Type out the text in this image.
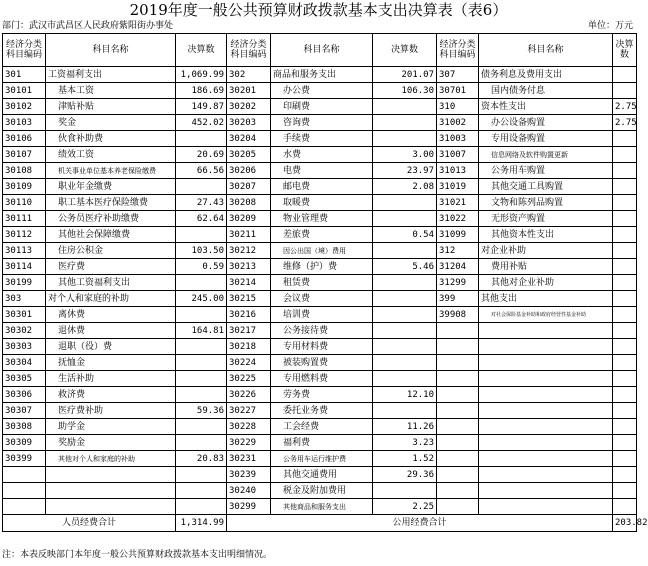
2019年度一般公共预算财政拨款基本支出决算表（表6）
部门：武汉市武昌区人民政府紫阳街办事处	单位：万元
经济分类科目编码	科目名称	决算数	经济分类科目编码	科目名称	决算数	经济分类科目编码	科目名称	决算数
301	工资福利支出	1,069.99	302	商品和服务支出	201.07	307	债务利息及费用支出	
30101	基本工资	186.69	30201	办公费	106.30	30701	国内债务付息	
30102	津贴补贴	149.87	30202	印刷费		310	资本性支出	2.75
30103	奖金	452.02	30203	咨询费		31002	办公设备购置	2.75
30106	伙食补助费		30204	手续费		31003	专用设备购置	
30107	绩效工资	20.69	30205	水费	3.00	31007	信息网络及软件购置更新	
30108	机关事业单位基本养老保险缴费	66.56	30206	电费	23.97	31013	公务用车购置	
30109	职业年金缴费		30207	邮电费	2.08	31019	其他交通工具购置	
30110	职工基本医疗保险缴费	27.43	30208	取暖费		31021	文物和陈列品购置	
30111	公务员医疗补助缴费	62.64	30209	物业管理费		31022	无形资产购置	
30112	其他社会保障缴费		30211	差旅费	0.54	31099	其他资本性支出	
30113	住房公积金	103.50	30212	因公出国（境）费用		312	对企业补助	
30114	医疗费	0.59	30213	维修（护）费	5.46	31204	费用补贴	
30199	其他工资福利支出		30214	租赁费		31299	其他对企业补助	
303	对个人和家庭的补助	245.00	30215	会议费		399	其他支出	
30301	离休费		30216	培训费		39908	对社会保险基金补助和政府经营性基金补助	
30302	退休费	164.81	30217	公务接待费				
30303	退职（役）费		30218	专用材料费				
30304	抚恤金		30224	被装购置费				
30305	生活补助		30225	专用燃料费				
30306	救济费		30226	劳务费	12.10			
30307	医疗费补助	59.36	30227	委托业务费				
30308	助学金		30228	工会经费	11.26			
30309	奖励金		30229	福利费	3.23			
30399	其他对个人和家庭的补助	20.83	30231	公务用车运行维护费	1.52			
			30239	其他交通费用	29.36			
			30240	税金及附加费用				
			30299	其他商品和服务支出	2.25			
人员经费合计		1,314.99	公用经费合计					203.82
注：本表反映部门本年度一般公共预算财政拨款基本支出明细情况。
